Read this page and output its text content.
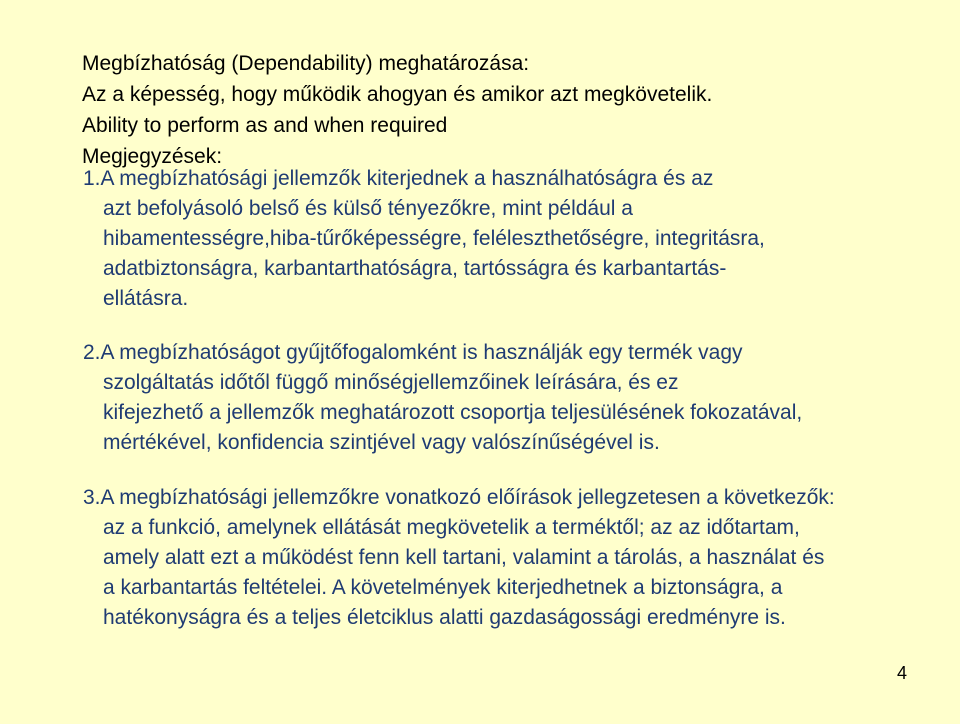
Megbízhatóság (Dependability) meghatározása:
Az a képesség, hogy működik ahogyan és amikor azt megkövetelik.
Ability to perform as and when required
Megjegyzések:
1.A megbízhatósági jellemzők kiterjednek a használhatóságra és az
azt befolyásoló belső és külső tényezőkre, mint például a
hibamentességre,hiba-tűrőképességre, feléleszthetőségre, integritásra,
adatbiztonságra, karbantarthatóságra, tartósságra és karbantartás-
ellátásra.
2.A megbízhatóságot gyűjtőfogalomként is használják egy termék vagy
szolgáltatás időtől függő minőségjellemzőinek leírására, és ez
kifejezhető a jellemzők meghatározott csoportja teljesülésének fokozatával,
mértékével, konfidencia szintjével vagy valószínűségével is.
3.A megbízhatósági jellemzőkre vonatkozó előírások jellegzetesen a következők:
az a funkció, amelynek ellátását megkövetelik a terméktől; az az időtartam,
amely alatt ezt a működést fenn kell tartani, valamint a tárolás, a használat és
a karbantartás feltételei. A követelmények kiterjedhetnek a biztonságra, a
hatékonyságra és a teljes életciklus alatti gazdaságossági eredményre is.
4
